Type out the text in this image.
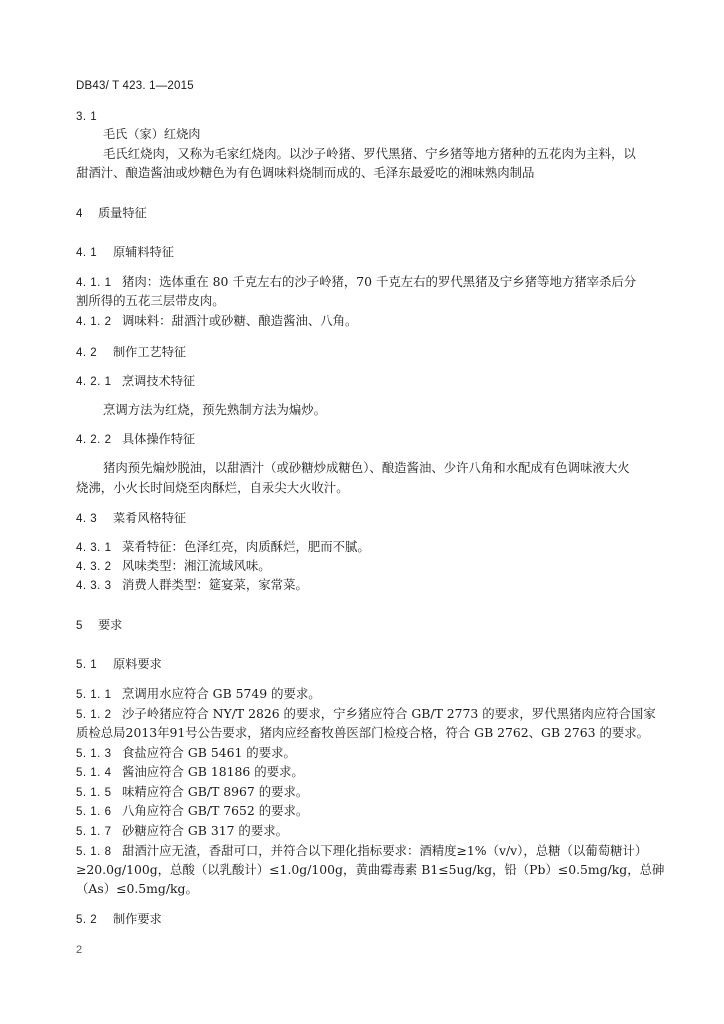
DB43/ T 423. 1—2015
3. 1
毛氏（家）红烧肉
毛氏红烧肉，又称为毛家红烧肉。以沙子岭猪、罗代黑猪、宁乡猪等地方猪种的五花肉为主料，以
甜酒汁、酿造酱油或炒糖色为有色调味料烧制而成的、毛泽东最爱吃的湘味熟肉制品
4 质量特征
4. 1 原辅料特征
4. 1. 1 猪肉：选体重在 80 千克左右的沙子岭猪，70 千克左右的罗代黑猪及宁乡猪等地方猪宰杀后分
割所得的五花三层带皮肉。
4. 1. 2 调味料：甜酒汁或砂糖、酿造酱油、八角。
4. 2 制作工艺特征
4. 2. 1 烹调技术特征
烹调方法为红烧，预先熟制方法为煸炒。
4. 2. 2 具体操作特征
猪肉预先煸炒脱油，以甜酒汁（或砂糖炒成糖色）、酿造酱油、少许八角和水配成有色调味液大火
烧沸，小火长时间烧至肉酥烂，自汞尖大火收汁。
4. 3 菜肴风格特征
4. 3. 1 菜肴特征：色泽红亮，肉质酥烂，肥而不腻。
4. 3. 2 风味类型：湘江流域风味。
4. 3. 3 消费人群类型：筵宴菜，家常菜。
5 要求
5. 1 原料要求
5. 1. 1 烹调用水应符合 GB 5749 的要求。
5. 1. 2 沙子岭猪应符合 NY/T 2826 的要求，宁乡猪应符合 GB/T 2773 的要求，罗代黑猪肉应符合国家
质检总局2013年91号公告要求，猪肉应经畜牧兽医部门检疫合格，符合 GB 2762、GB 2763 的要求。
5. 1. 3 食盐应符合 GB 5461 的要求。
5. 1. 4 酱油应符合 GB 18186 的要求。
5. 1. 5 味精应符合 GB/T 8967 的要求。
5. 1. 6 八角应符合 GB/T 7652 的要求。
5. 1. 7 砂糖应符合 GB 317 的要求。
5. 1. 8 甜酒汁应无渣，香甜可口，并符合以下理化指标要求：酒精度≥1%（v/v），总糖（以葡萄糖计）
≥20.0g/100g，总酸（以乳酸计）≤1.0g/100g，黄曲霉毒素 B1≤5ug/kg，铅（Pb）≤0.5mg/kg，总砷
（As）≤0.5mg/kg。
5. 2 制作要求
2
